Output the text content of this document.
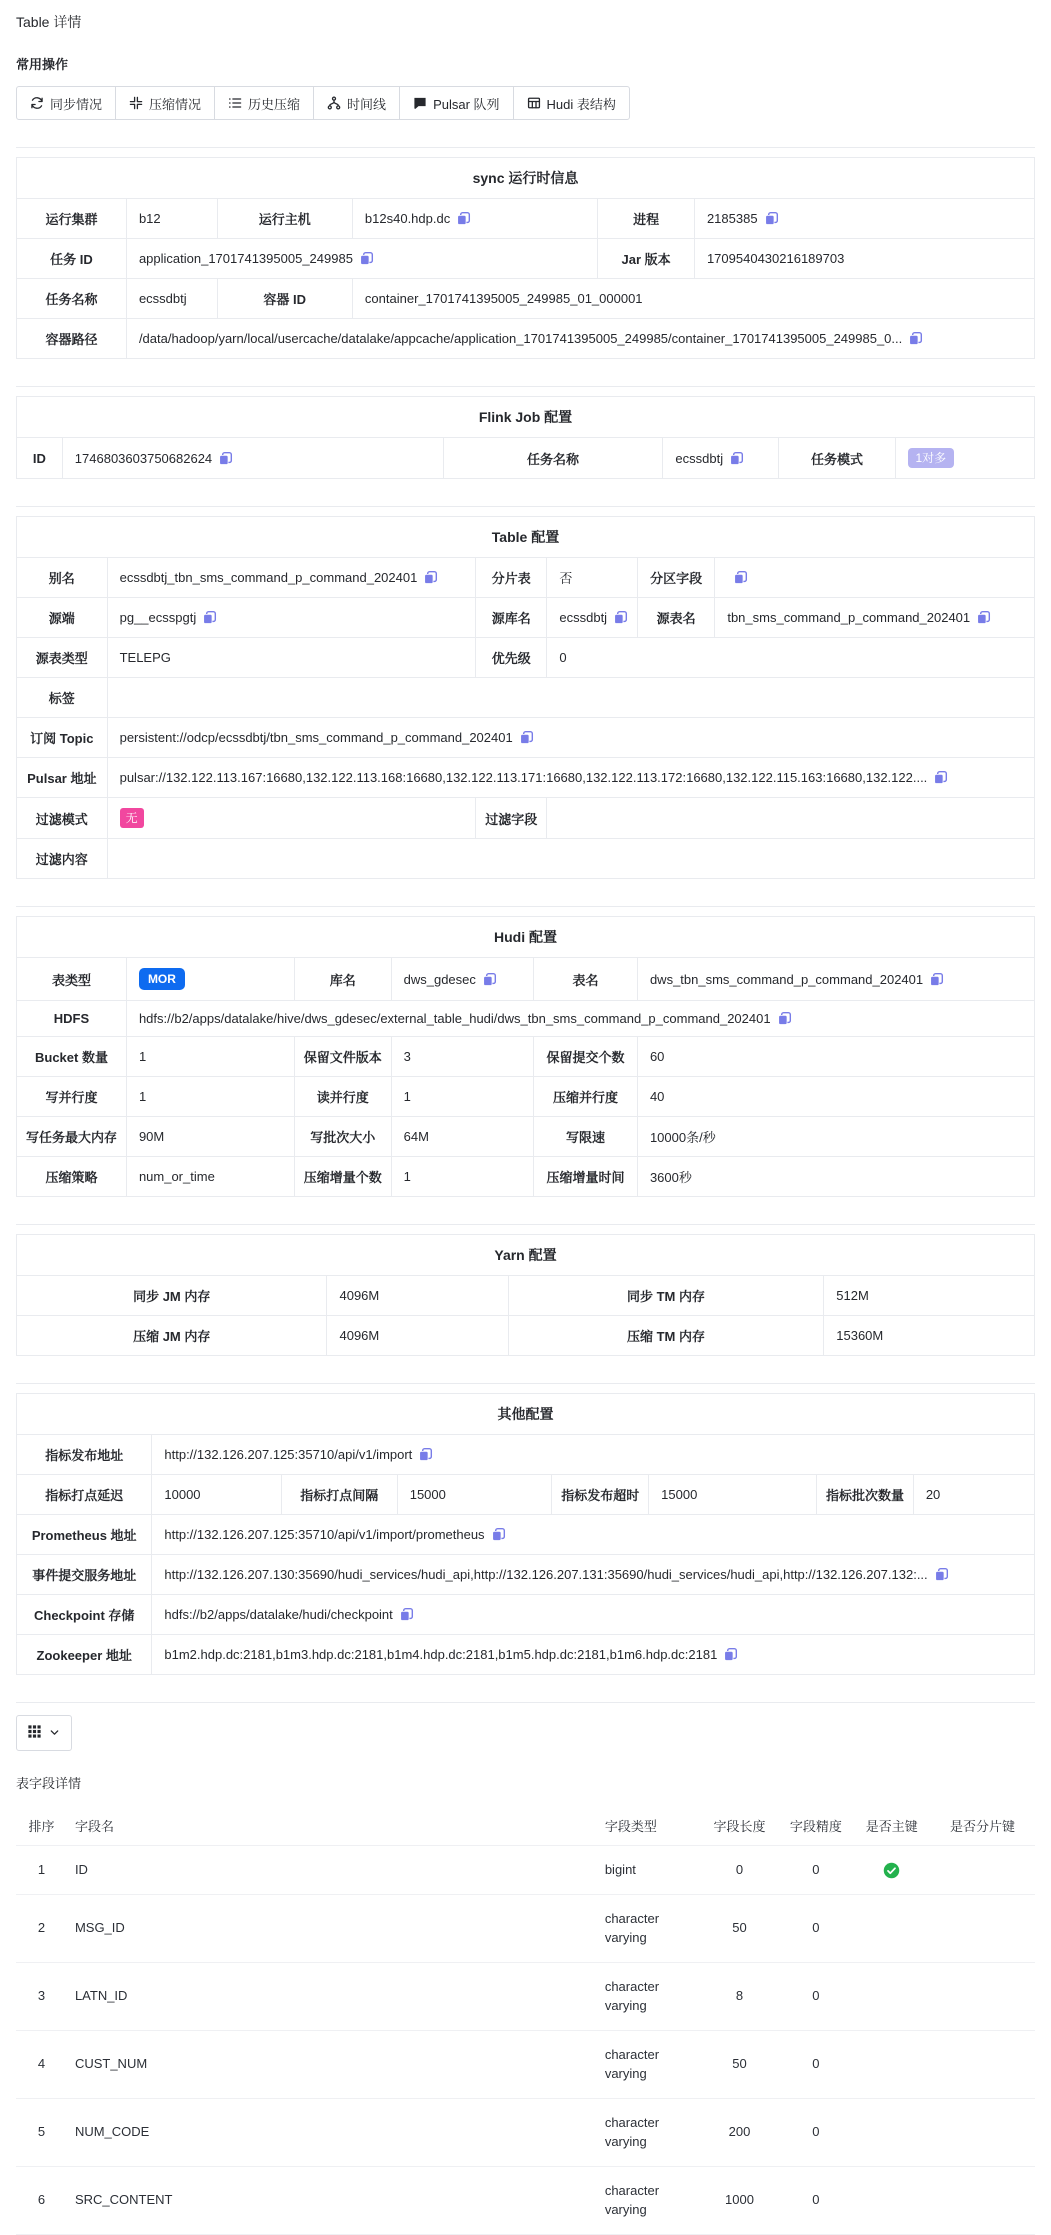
Table 详情
常用操作
同步情况	压缩情况	历史压缩	时间线	Pulsar 队列	Hudi 表结构
sync 运行时信息					
运行集群	b12	运行主机	b12s40.hdp.dc	进程	2185385
任务 ID	application_1701741395005_249985			Jar 版本	1709540430216189703
任务名称	ecssdbtj	容器 ID	container_1701741395005_249985_01_000001		
容器路径	/data/hadoop/yarn/local/usercache/datalake/appcache/application_1701741395005_249985/container_1701741395005_249985_0...				
Flink Job 配置
ID	1746803603750682624	任务名称	ecssdbtj	任务模式	1对多
Table 配置					
别名	ecssdbtj_tbn_sms_command_p_command_202401	分片表	否	分区字段	
源端	pg__ecsspgtj	源库名	ecssdbtj	源表名	tbn_sms_command_p_command_202401
源表类型	TELEPG	优先级	0		
标签					
订阅 Topic	persistent://odcp/ecssdbtj/tbn_sms_command_p_command_202401				
Pulsar 地址	pulsar://132.122.113.167:16680,132.122.113.168:16680,132.122.113.171:16680,132.122.113.172:16680,132.122.115.163:16680,132.122....				
过滤模式	无	过滤字段			
过滤内容					
Hudi 配置					
表类型	MOR	库名	dws_gdesec	表名	dws_tbn_sms_command_p_command_202401
HDFS	hdfs://b2/apps/datalake/hive/dws_gdesec/external_table_hudi/dws_tbn_sms_command_p_command_202401				
Bucket 数量	1	保留文件版本	3	保留提交个数	60
写并行度	1	读并行度	1	压缩并行度	40
写任务最大内存	90M	写批次大小	64M	写限速	10000条/秒
压缩策略	num_or_time	压缩增量个数	1	压缩增量时间	3600秒
Yarn 配置			
同步 JM 内存	4096M	同步 TM 内存	512M
压缩 JM 内存	4096M	压缩 TM 内存	15360M
其他配置							
指标发布地址	http://132.126.207.125:35710/api/v1/import						
指标打点延迟	10000	指标打点间隔	15000	指标发布超时	15000	指标批次数量	20
Prometheus 地址	http://132.126.207.125:35710/api/v1/import/prometheus						
事件提交服务地址	http://132.126.207.130:35690/hudi_services/hudi_api,http://132.126.207.131:35690/hudi_services/hudi_api,http://132.126.207.132:...						
Checkpoint 存储	hdfs://b2/apps/datalake/hudi/checkpoint						
Zookeeper 地址	b1m2.hdp.dc:2181,b1m3.hdp.dc:2181,b1m4.hdp.dc:2181,b1m5.hdp.dc:2181,b1m6.hdp.dc:2181						
表字段详情
排序	字段名	字段类型	字段长度	字段精度	是否主键	是否分片键
1	ID	bigint	0	0		
2	MSG_ID	character varying	50	0		
3	LATN_ID	character varying	8	0		
4	CUST_NUM	character varying	50	0		
5	NUM_CODE	character varying	200	0		
6	SRC_CONTENT	character varying	1000	0		
